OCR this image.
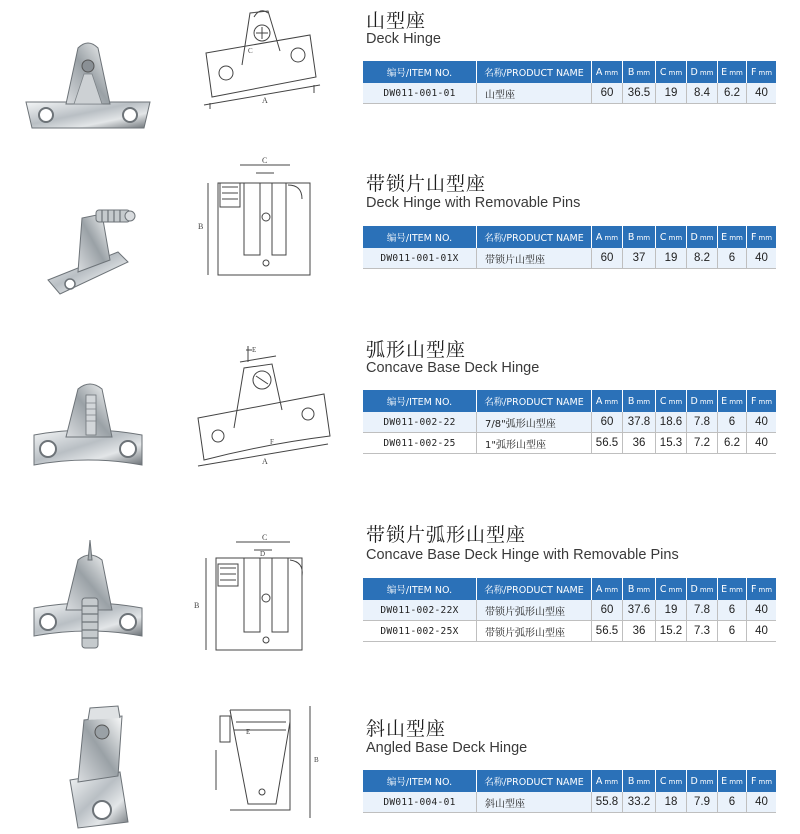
A
C
山型座
Deck Hinge
编号/ITEM NO.	名称/PRODUCT NAME	A mm	B mm	C mm	D mm	E mm	F mm
DW011-001-01	山型座	60	36.5	19	8.4	6.2	40
C
B
带锁片山型座
Deck Hinge with Removable Pins
编号/ITEM NO.	名称/PRODUCT NAME	A mm	B mm	C mm	D mm	E mm	F mm
DW011-001-01X	带锁片山型座	60	37	19	8.2	6	40
A
E
F
弧形山型座
Concave Base Deck Hinge
编号/ITEM NO.	名称/PRODUCT NAME	A mm	B mm	C mm	D mm	E mm	F mm
DW011-002-22	7/8"弧形山型座	60	37.8	18.6	7.8	6	40
DW011-002-25	1"弧形山型座	56.5	36	15.3	7.2	6.2	40
C
B
D
带锁片弧形山型座
Concave Base Deck Hinge with Removable Pins
编号/ITEM NO.	名称/PRODUCT NAME	A mm	B mm	C mm	D mm	E mm	F mm
DW011-002-22X	带锁片弧形山型座	60	37.6	19	7.8	6	40
DW011-002-25X	带锁片弧形山型座	56.5	36	15.2	7.3	6	40
B
E	斜山型座
Angled Base Deck Hinge
编号/ITEM NO.	名称/PRODUCT NAME	A mm	B mm	C mm	D mm	E mm	F mm
DW011-004-01	斜山型座	55.8	33.2	18	7.9	6	40
